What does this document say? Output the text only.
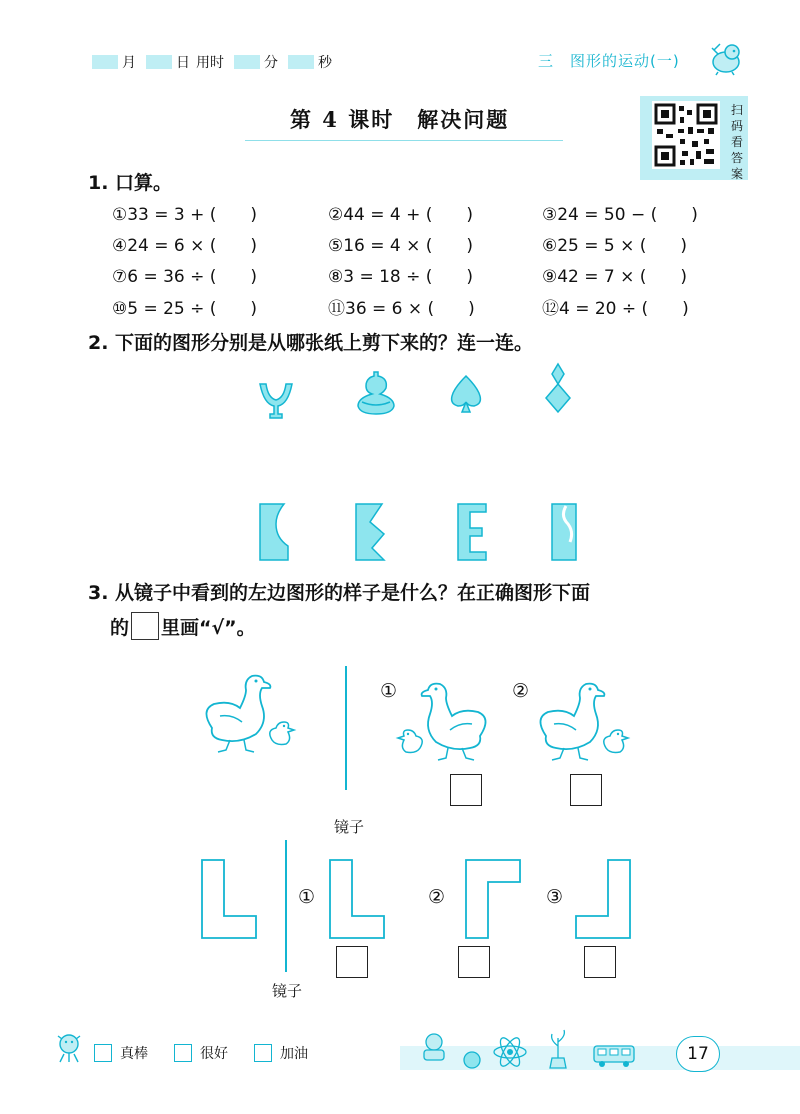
月	日 用时	分	秒	三　图形的运动(一)
第 4 课时　解决问题	扫
码
看
答
案
1. 口算。
①33 = 3 + (　　)	②44 = 4 + (　　)	③24 = 50 − (　　)
④24 = 6 × (　　)	⑤16 = 4 × (　　)	⑥25 = 5 × (　　)
⑦6 = 36 ÷ (　　)	⑧3 = 18 ÷ (　　)	⑨42 = 7 × (　　)
⑩5 = 25 ÷ (　　)	⑪36 = 6 × (　　)	⑫4 = 20 ÷ (　　)
2. 下面的图形分别是从哪张纸上剪下来的？连一连。
3. 从镜子中看到的左边图形的样子是什么？在正确图形下面
的 里画“√”。
①	②
镜子
①	②	③
镜子
真棒	很好	加油	17
